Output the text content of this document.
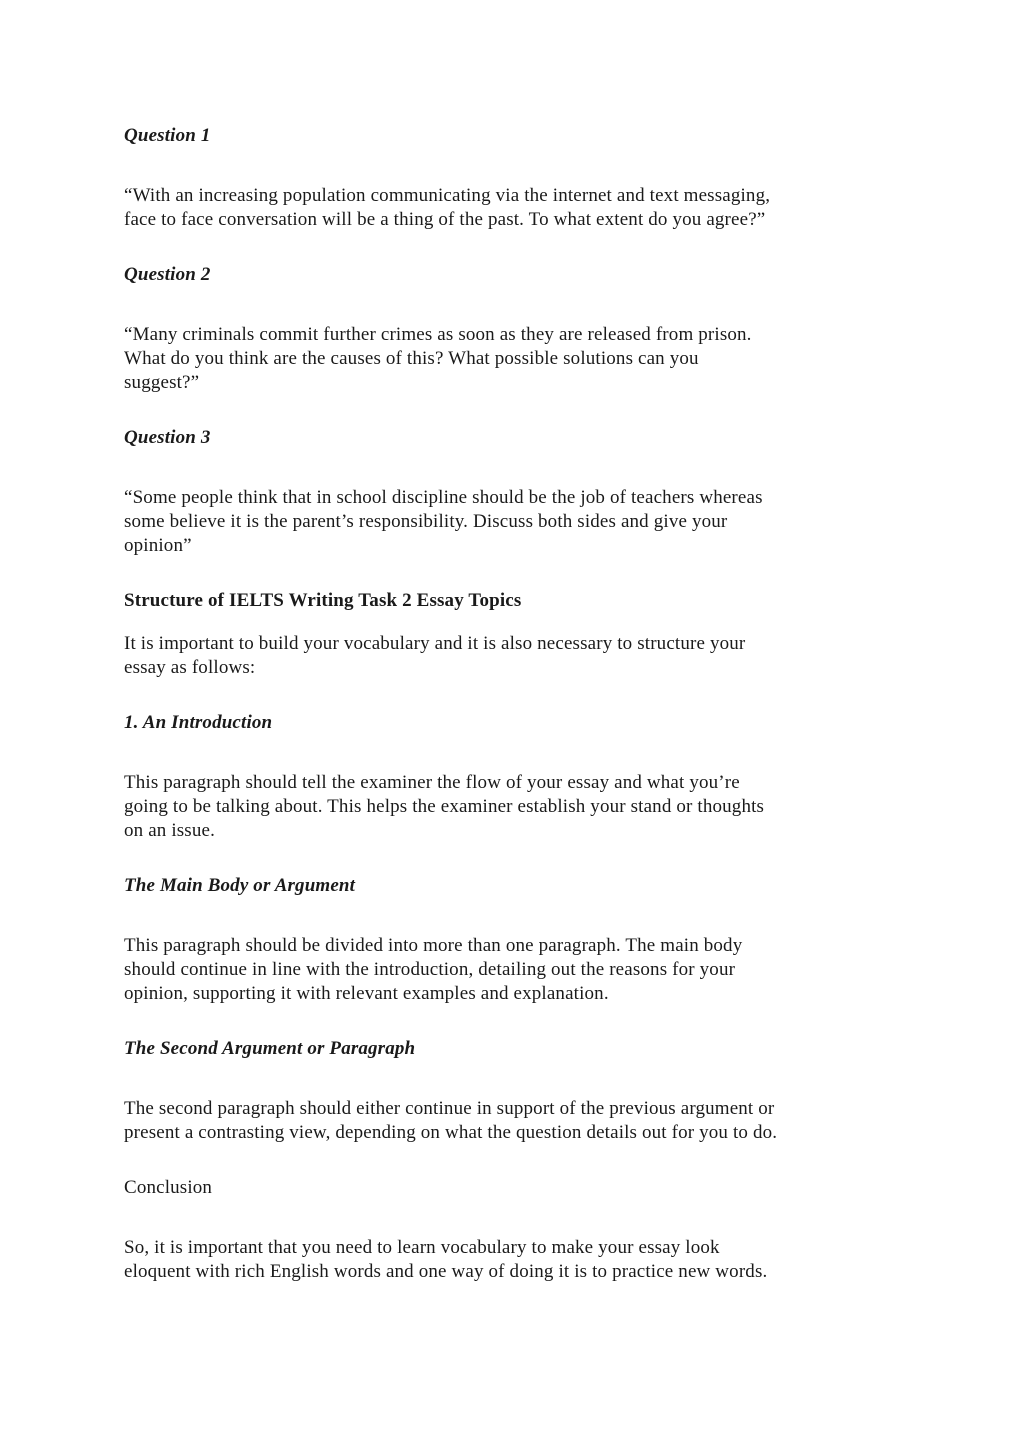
Question 1

“With an increasing population communicating via the internet and text messaging,
face to face conversation will be a thing of the past. To what extent do you agree?”

Question 2

“Many criminals commit further crimes as soon as they are released from prison.
What do you think are the causes of this? What possible solutions can you
suggest?”

Question 3

“Some people think that in school discipline should be the job of teachers whereas
some believe it is the parent’s responsibility. Discuss both sides and give your
opinion”

Structure of IELTS Writing Task 2 Essay Topics

It is important to build your vocabulary and it is also necessary to structure your
essay as follows:

1. An Introduction

This paragraph should tell the examiner the flow of your essay and what you’re
going to be talking about. This helps the examiner establish your stand or thoughts
on an issue.

The Main Body or Argument

This paragraph should be divided into more than one paragraph. The main body
should continue in line with the introduction, detailing out the reasons for your
opinion, supporting it with relevant examples and explanation.

The Second Argument or Paragraph

The second paragraph should either continue in support of the previous argument or
present a contrasting view, depending on what the question details out for you to do.

Conclusion

So, it is important that you need to learn vocabulary to make your essay look
eloquent with rich English words and one way of doing it is to practice new words.
